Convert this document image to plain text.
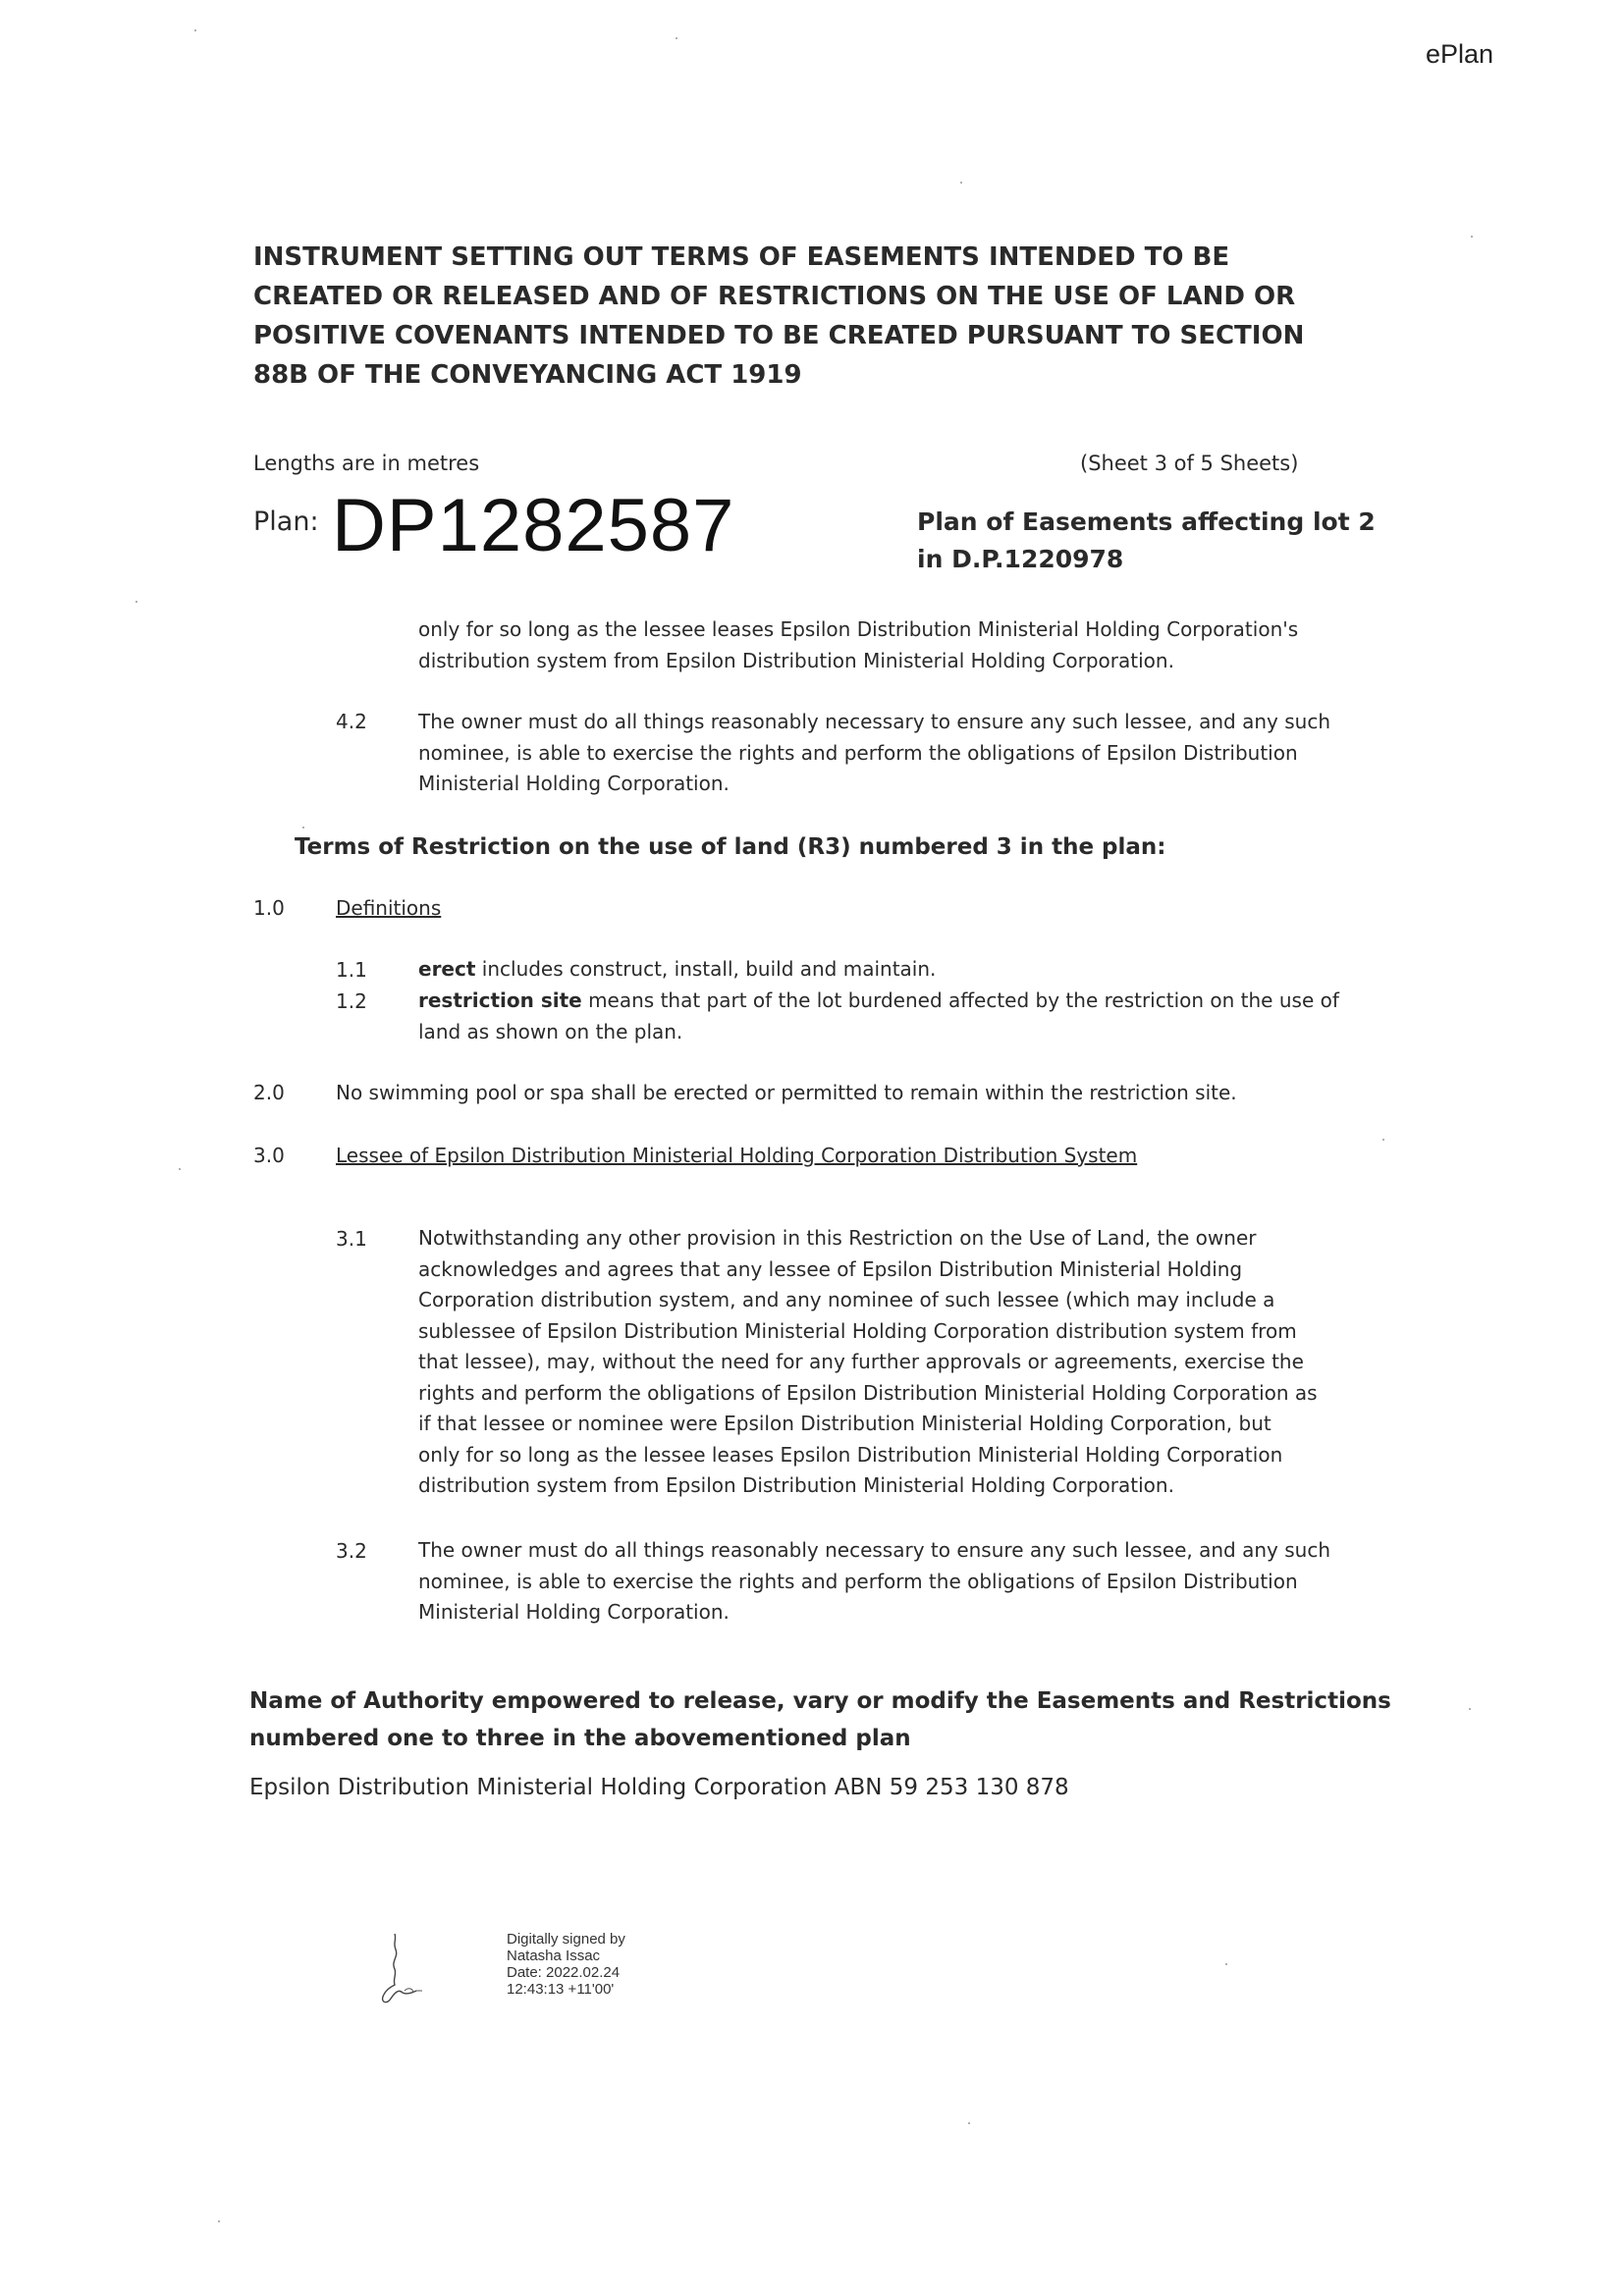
ePlan
INSTRUMENT SETTING OUT TERMS OF EASEMENTS INTENDED TO BE
CREATED OR RELEASED AND OF RESTRICTIONS ON THE USE OF LAND OR
POSITIVE COVENANTS INTENDED TO BE CREATED PURSUANT TO SECTION
88B OF THE CONVEYANCING ACT 1919
Lengths are in metres	(Sheet 3 of 5 Sheets)
Plan: DP1282587	Plan of Easements affecting lot 2
in D.P.1220978
only for so long as the lessee leases Epsilon Distribution Ministerial Holding Corporation's
distribution system from Epsilon Distribution Ministerial Holding Corporation.
4.2	The owner must do all things reasonably necessary to ensure any such lessee, and any such
nominee, is able to exercise the rights and perform the obligations of Epsilon Distribution
Ministerial Holding Corporation.
Terms of Restriction on the use of land (R3) numbered 3 in the plan:
1.0	Definitions
1.1	erect includes construct, install, build and maintain.
1.2	restriction site means that part of the lot burdened affected by the restriction on the use of
land as shown on the plan.
2.0	No swimming pool or spa shall be erected or permitted to remain within the restriction site.
3.0	Lessee of Epsilon Distribution Ministerial Holding Corporation Distribution System
3.1	Notwithstanding any other provision in this Restriction on the Use of Land, the owner
acknowledges and agrees that any lessee of Epsilon Distribution Ministerial Holding
Corporation distribution system, and any nominee of such lessee (which may include a
sublessee of Epsilon Distribution Ministerial Holding Corporation distribution system from
that lessee), may, without the need for any further approvals or agreements, exercise the
rights and perform the obligations of Epsilon Distribution Ministerial Holding Corporation as
if that lessee or nominee were Epsilon Distribution Ministerial Holding Corporation, but
only for so long as the lessee leases Epsilon Distribution Ministerial Holding Corporation
distribution system from Epsilon Distribution Ministerial Holding Corporation.
3.2	The owner must do all things reasonably necessary to ensure any such lessee, and any such
nominee, is able to exercise the rights and perform the obligations of Epsilon Distribution
Ministerial Holding Corporation.
Name of Authority empowered to release, vary or modify the Easements and Restrictions
numbered one to three in the abovementioned plan
Epsilon Distribution Ministerial Holding Corporation ABN 59 253 130 878
Digitally signed by
Natasha Issac
Date: 2022.02.24
12:43:13 +11'00'
